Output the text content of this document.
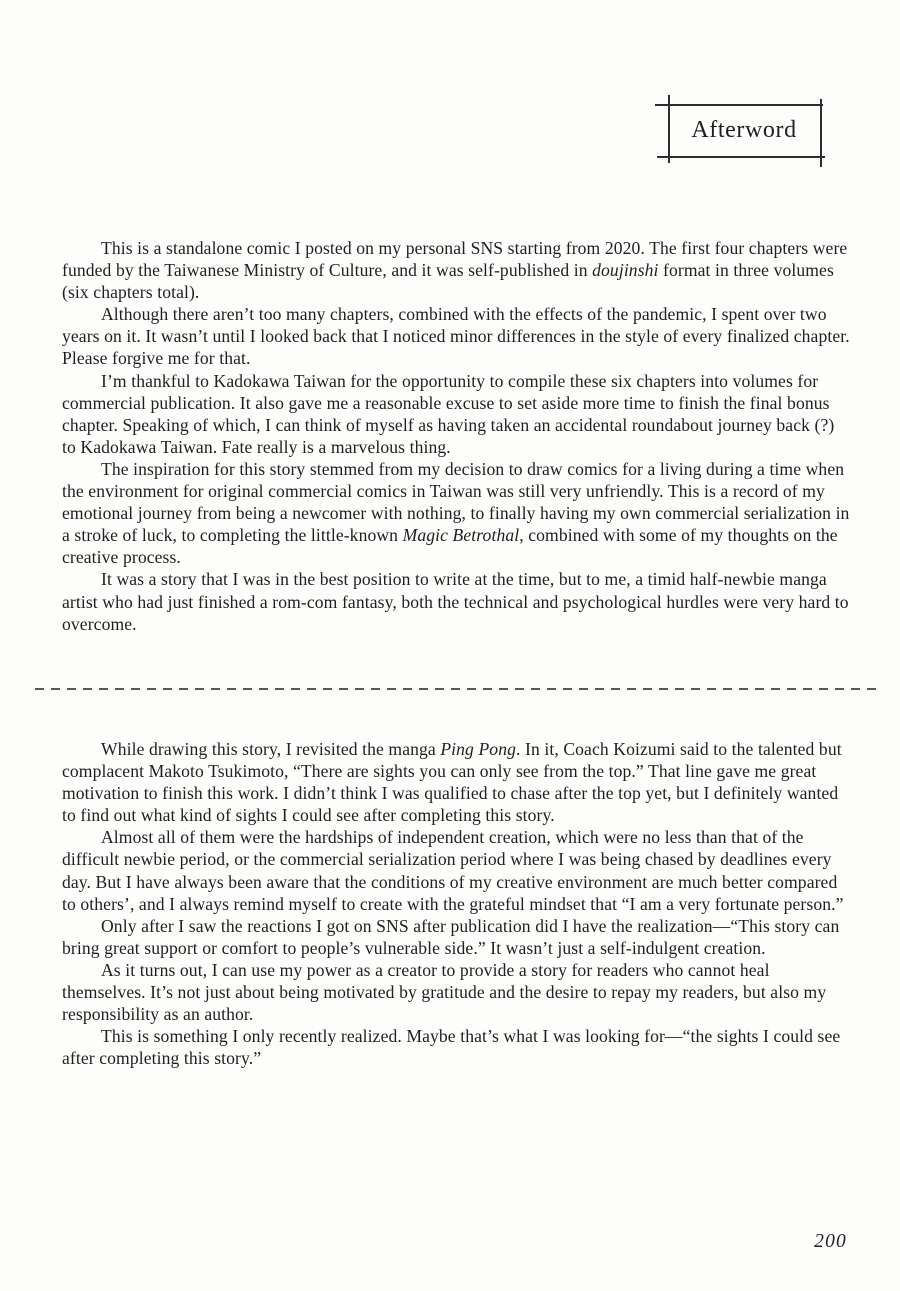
Afterword

This is a standalone comic I posted on my personal SNS starting from 2020. The first four chapters were funded by the Taiwanese Ministry of Culture, and it was self-published in doujinshi format in three volumes (six chapters total).

Although there aren’t too many chapters, combined with the effects of the pandemic, I spent over two years on it. It wasn’t until I looked back that I noticed minor differences in the style of every finalized chapter. Please forgive me for that.

I’m thankful to Kadokawa Taiwan for the opportunity to compile these six chapters into volumes for commercial publication. It also gave me a reasonable excuse to set aside more time to finish the final bonus chapter. Speaking of which, I can think of myself as having taken an accidental roundabout journey back (?) to Kadokawa Taiwan. Fate really is a marvelous thing.

The inspiration for this story stemmed from my decision to draw comics for a living during a time when the environment for original commercial comics in Taiwan was still very unfriendly. This is a record of my emotional journey from being a newcomer with nothing, to finally having my own commercial serialization in a stroke of luck, to completing the little-known Magic Betrothal, combined with some of my thoughts on the creative process.

It was a story that I was in the best position to write at the time, but to me, a timid half-newbie manga artist who had just finished a rom-com fantasy, both the technical and psychological hurdles were very hard to overcome.

While drawing this story, I revisited the manga Ping Pong. In it, Coach Koizumi said to the talented but complacent Makoto Tsukimoto, “There are sights you can only see from the top.” That line gave me great motivation to finish this work. I didn’t think I was qualified to chase after the top yet, but I definitely wanted to find out what kind of sights I could see after completing this story.

Almost all of them were the hardships of independent creation, which were no less than that of the difficult newbie period, or the commercial serialization period where I was being chased by deadlines every day. But I have always been aware that the conditions of my creative environment are much better compared to others’, and I always remind myself to create with the grateful mindset that “I am a very fortunate person.”

Only after I saw the reactions I got on SNS after publication did I have the realization—“This story can bring great support or comfort to people’s vulnerable side.” It wasn’t just a self-indulgent creation.

As it turns out, I can use my power as a creator to provide a story for readers who cannot heal themselves. It’s not just about being motivated by gratitude and the desire to repay my readers, but also my responsibility as an author.

This is something I only recently realized. Maybe that’s what I was looking for—“the sights I could see after completing this story.”

200
